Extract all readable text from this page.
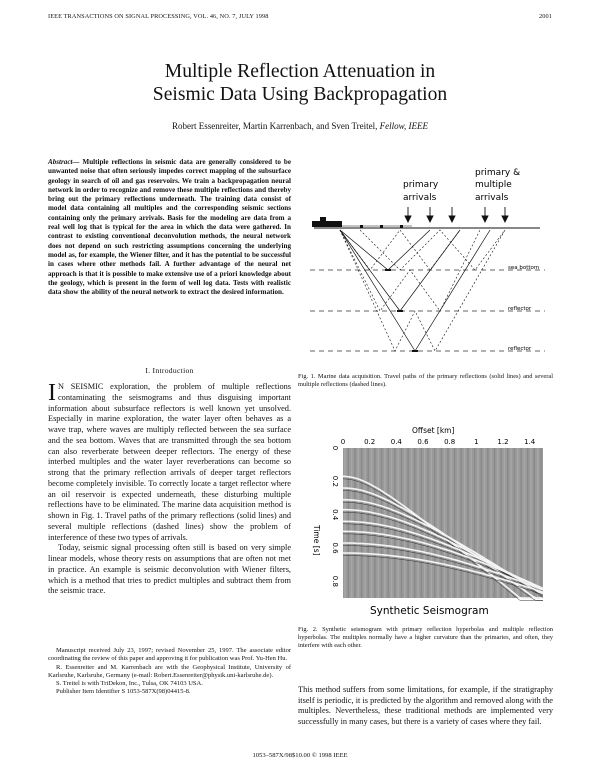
IEEE TRANSACTIONS ON SIGNAL PROCESSING, VOL. 46, NO. 7, JULY 1998	2001
Multiple Reflection Attenuation in
Seismic Data Using Backpropagation
Robert Essenreiter, Martin Karrenbach, and Sven Treitel, Fellow, IEEE
Abstract— Multiple reflections in seismic data are generally considered to be unwanted noise that often seriously impedes correct mapping of the subsurface geology in search of oil and gas reservoirs. We train a backpropagation neural network in order to recognize and remove these multiple reflections and thereby bring out the primary reflections underneath. The training data consist of model data containing all multiples and the corresponding seismic sections containing only the primary arrivals. Basis for the modeling are data from a real well log that is typical for the area in which the data were gathered. In contrast to existing conventional deconvolution methods, the neural network does not depend on such restricting assumptions concerning the underlying model as, for example, the Wiener filter, and it has the potential to be successful in cases where other methods fail. A further advantage of the neural net approach is that it is possible to make extensive use of a priori knowledge about the geology, which is present in the form of well log data. Tests with realistic data show the ability of the neural network to extract the desired information.
I. Introduction

I N SEISMIC exploration, the problem of multiple reflections contaminating the seismograms and thus disguising important information about subsurface reflectors is well known yet unsolved. Especially in marine exploration, the water layer often behaves as a wave trap, where waves are multiply reflected between the sea surface and the sea bottom. Waves that are transmitted through the sea bottom can also reverberate between deeper reflectors. The energy of these interbed multiples and the water layer reverberations can become so strong that the primary reflection arrivals of deeper target reflectors become completely invisible. To correctly locate a target reflector where an oil reservoir is expected underneath, these disturbing multiple reflections have to be eliminated. The marine data acquisition method is shown in Fig. 1. Travel paths of the primary reflections (solid lines) and several multiple reflections (dashed lines) show the problem of interference of these two types of arrivals.

Today, seismic signal processing often still is based on very simple linear models, whose theory rests on assumptions that are often not met in practice. An example is seismic deconvolution with Wiener filters, which is a method that tries to predict multiples and subtract them from the seismic trace.

Manuscript received July 23, 1997; revised November 25, 1997. The associate editor coordinating the review of this paper and approving it for publication was Prof. Yu-Hen Hu.

R. Essenreiter and M. Karrenbach are with the Geophysical Institute, University of Karlsruhe, Karlsruhe, Germany (e-mail: Robert.Essenreiter@physik.uni-karlsruhe.de).

S. Treitel is with TriDekon, Inc., Tulsa, OK 74103 USA.

Publisher Item Identifier S 1053-587X(98)04415-8.

primary
arrivals
primary &
multiple
arrivals
sea bottom
reflector
reflector
Fig. 1. Marine data acquisition. Travel paths of the primary reflections (solid lines) and several multiple reflections (dashed lines).
Offset [km]
0	0.2 0.4 0.6 0.8	1	1.2 1.4
0
0.2
0.4
0.6
0.8
Time [s]
Synthetic Seismogram
Fig. 2. Synthetic seismogram with primary reflection hyperbolas and multiple reflection hyperbolas. The multiples normally have a higher curvature than the primaries, and often, they interfere with each other.
This method suffers from some limitations, for example, if the stratigraphy itself is periodic, it is predicted by the algorithm and removed along with the multiples. Nevertheless, these traditional methods are implemented very successfully in many cases, but there is a variety of cases where they fail.
1053–587X/98$10.00 © 1998 IEEE
